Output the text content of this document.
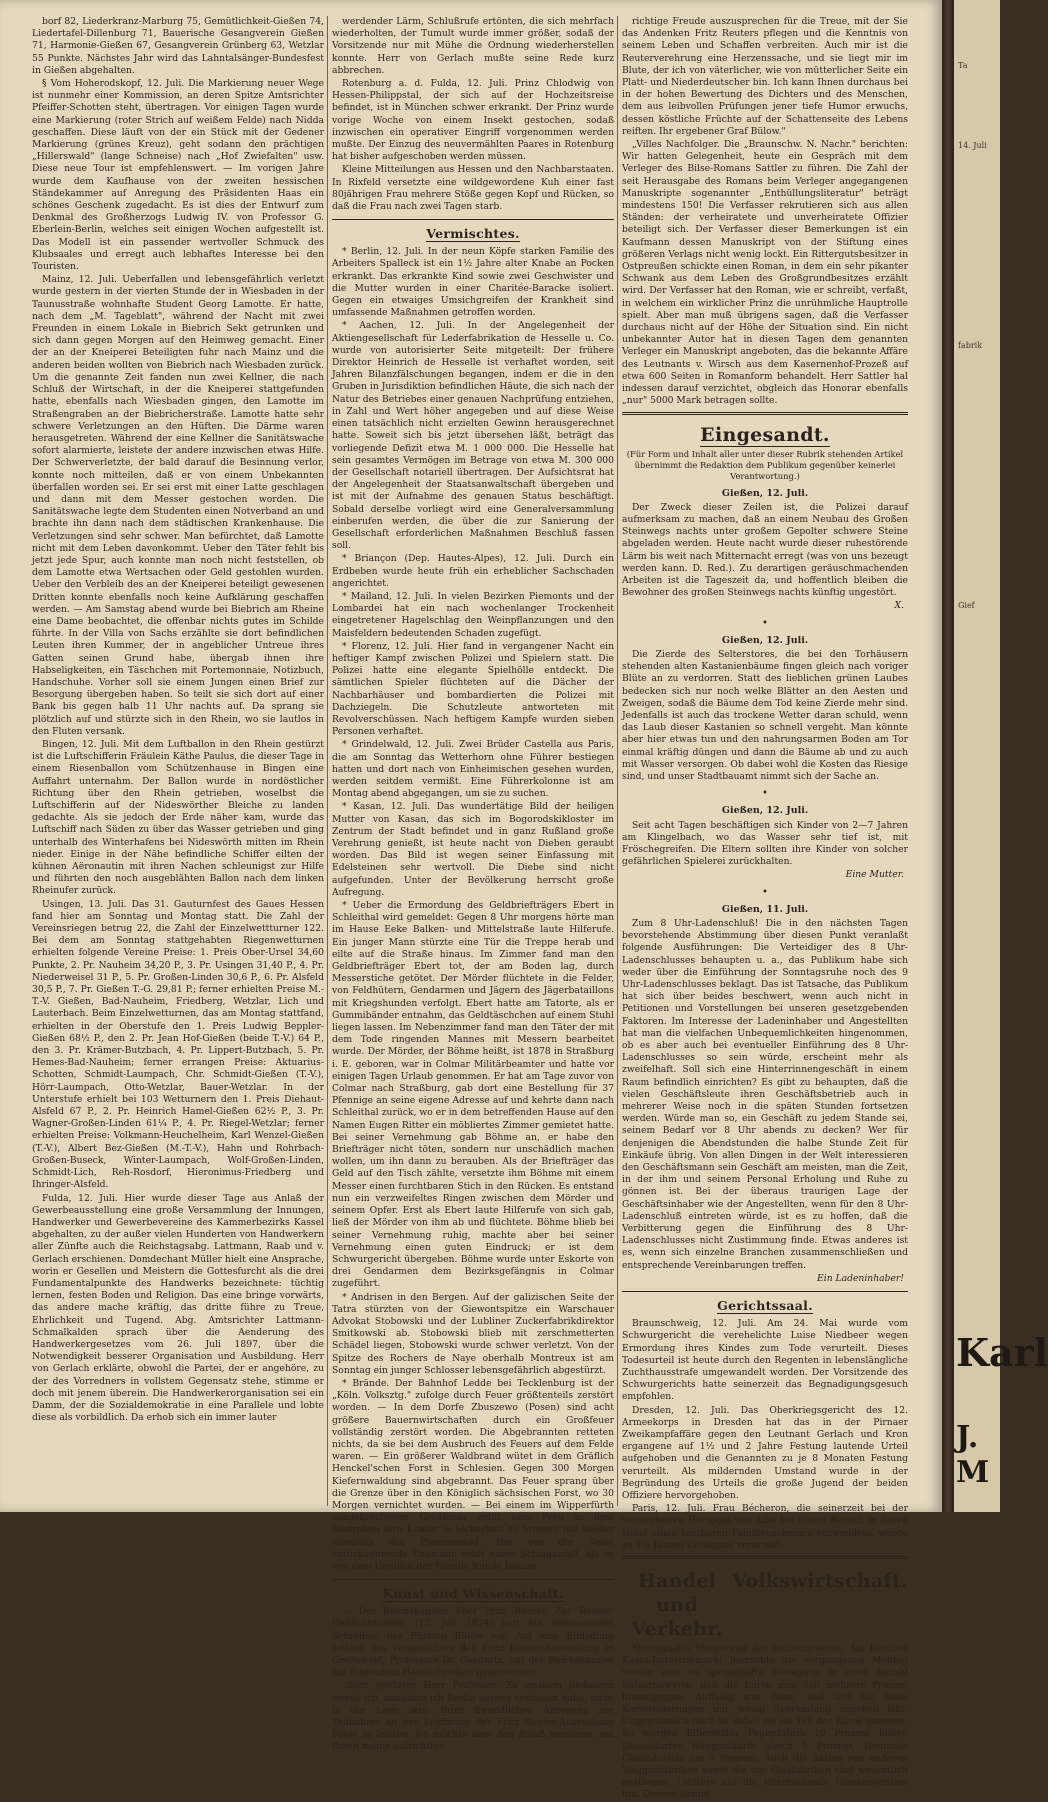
borf 82, Liederkranz-Marburg 75, Gemütlichkeit-Gießen 74, Liedertafel-Dillenburg 71, Bauerische Gesangverein Gießen 71, Harmonie-Gießen 67, Gesangverein Grünberg 63, Wetzlar 55 Punkte. Nächstes Jahr wird das Lahntalsänger-Bundesfest in Gießen abgehalten.

§ Vom Hoherodskopf, 12. Juli. Die Markierung neuer Wege ist nunmehr einer Kommission, an deren Spitze Amtsrichter Pfeiffer-Schotten steht, übertragen. Vor einigen Tagen wurde eine Markierung (roter Strich auf weißem Felde) nach Nidda geschaffen. Diese läuft von der ein Stück mit der Gedener Markierung (grünes Kreuz), geht sodann den prächtigen „Hillerswald" (lange Schneise) nach „Hof Zwiefalten" usw. Diese neue Tour ist empfehlenswert. — Im vorigen Jahre wurde dem Kaufhause von der zweiten hessischen Ständekammer auf Anregung des Präsidenten Haas ein schönes Geschenk zugedacht. Es ist dies der Entwurf zum Denkmal des Großherzogs Ludwig IV. von Professor G. Eberlein-Berlin, welches seit einigen Wochen aufgestellt ist. Das Modell ist ein passender wertvoller Schmuck des Klubsaales und erregt auch lebhaftes Interesse bei den Touristen.

Mainz, 12. Juli. Ueberfallen und lebensgefährlich verletzt wurde gestern in der vierten Stunde der in Wiesbaden in der Taunusstraße wohnhafte Student Georg Lamotte. Er hatte, nach dem „M. Tageblatt", während der Nacht mit zwei Freunden in einem Lokale in Biebrich Sekt getrunken und sich dann gegen Morgen auf den Heimweg gemacht. Einer der an der Kneiperei Beteiligten fuhr nach Mainz und die anderen beiden wollten von Biebrich nach Wiesbaden zurück. Um die genannte Zeit fanden nun zwei Kellner, die nach Schluß der Wirtschaft, in der die Kneiperei stattgefunden hatte, ebenfalls nach Wiesbaden gingen, den Lamotte im Straßengraben an der Biebricherstraße. Lamotte hatte sehr schwere Verletzungen an den Hüften. Die Därme waren herausgetreten. Während der eine Kellner die Sanitätswache sofort alarmierte, leistete der andere inzwischen etwas Hilfe. Der Schwerverletzte, der bald darauf die Besinnung verlor, konnte noch mitteilen, daß er von einem Unbekannten überfallen worden sei. Er sei erst mit einer Latte geschlagen und dann mit dem Messer gestochen worden. Die Sanitätswache legte dem Studenten einen Notverband an und brachte ihn dann nach dem städtischen Krankenhause. Die Verletzungen sind sehr schwer. Man befürchtet, daß Lamotte nicht mit dem Leben davonkommt. Ueber den Täter fehlt bis jetzt jede Spur, auch konnte man noch nicht feststellen, ob dem Lamotte etwa Wertsachen oder Geld gestohlen wurden. Ueber den Verbleib des an der Kneiperei beteiligt gewesenen Dritten konnte ebenfalls noch keine Aufklärung geschaffen werden. — Am Samstag abend wurde bei Biebrich am Rheine eine Dame beobachtet, die offenbar nichts gutes im Schilde führte. In der Villa von Sachs erzählte sie dort befindlichen Leuten ihren Kummer, der in angeblicher Untreue ihres Gatten seinen Grund habe, übergab ihnen ihre Habseligkeiten, ein Täschchen mit Portemonnaie, Notizbuch, Handschuhe. Vorher soll sie einem Jungen einen Brief zur Besorgung übergeben haben. So teilt sie sich dort auf einer Bank bis gegen halb 11 Uhr nachts auf. Da sprang sie plötzlich auf und stürzte sich in den Rhein, wo sie lautlos in den Fluten versank.

Bingen, 12. Juli. Mit dem Luftballon in den Rhein gestürzt ist die Luftschifferin Fräulein Käthe Paulus, die dieser Tage in einem Riesenballon vom Schützenhause in Bingen eine Auffahrt unternahm. Der Ballon wurde in nordöstlicher Richtung über den Rhein getrieben, woselbst die Luftschifferin auf der Nideswörther Bleiche zu landen gedachte. Als sie jedoch der Erde näher kam, wurde das Luftschiff nach Süden zu über das Wasser getrieben und ging unterhalb des Winterhafens bei Nideswörth mitten im Rhein nieder. Einige in der Nähe befindliche Schiffer eilten der kühnen Aëronautin mit ihren Nachen schleunigst zur Hilfe und führten den noch ausgeblähten Ballon nach dem linken Rheinufer zurück.

Usingen, 13. Juli. Das 31. Gauturnfest des Gaues Hessen fand hier am Sonntag und Montag statt. Die Zahl der Vereinsriegen betrug 22, die Zahl der Einzelwettturner 122. Bei dem am Sonntag stattgehabten Riegenwetturnen erhielten folgende Vereine Preise: 1. Preis Ober-Ursel 34,60 Punkte, 2. Pr. Nauheim 34,20 P., 3. Pr. Usingen 31,40 P., 4. Pr. Niederweisel 31 P., 5. Pr. Großen-Linden 30,6 P., 6. Pr. Alsfeld 30,5 P., 7. Pr. Gießen T.-G. 29,81 P.; ferner erhielten Preise M.-T.-V. Gießen, Bad-Nauheim, Friedberg, Wetzlar, Lich und Lauterbach. Beim Einzelwetturnen, das am Montag stattfand, erhielten in der Oberstufe den 1. Preis Ludwig Beppler-Gießen 68½ P., den 2. Pr. Jean Hof-Gießen (beide T.-V.) 64 P., den 3. Pr. Krämer-Butzbach, 4. Pr. Lippert-Butzbach, 5. Pr. Hemes-Bad-Nauheim; ferner errangen Preise: Aktuarius-Schotten, Schmidt-Laumpach, Chr. Schmidt-Gießen (T.-V.), Hörr-Laumpach, Otto-Wetzlar, Bauer-Wetzlar. In der Unterstufe erhielt bei 103 Wetturnern den 1. Preis Diehaut-Alsfeld 67 P., 2. Pr. Heinrich Hamel-Gießen 62½ P., 3. Pr. Wagner-Großen-Linden 61¼ P., 4. Pr. Riegel-Wetzlar; ferner erhielten Preise: Volkmann-Heuchelheim, Karl Wenzel-Gießen (T.-V.), Albert Bez-Gießen (M.-T.-V.), Hahn und Rohrbach-Großen-Buseck, Winter-Laumpach, Wolf-Großen-Linden, Schmidt-Lich, Reh-Rosdorf, Hieronimus-Friedberg und Ihringer-Alsfeld.

Fulda, 12. Juli. Hier wurde dieser Tage aus Anlaß der Gewerbeausstellung eine große Versammlung der Innungen, Handwerker und Gewerbevereine des Kammerbezirks Kassel abgehalten, zu der außer vielen Hunderten von Handwerkern aller Zünfte auch die Reichstagsabg. Lattmann, Raab und v. Gerlach erschienen. Domdechant Müller hielt eine Ansprache, worin er Gesellen und Meistern die Gottesfurcht als die drei Fundamentalpunkte des Handwerks bezeichnete: tüchtig lernen, festen Boden und Religion. Das eine bringe vorwärts, das andere mache kräftig, das dritte führe zu Treue, Ehrlichkeit und Tugend. Abg. Amtsrichter Lattmann-Schmalkalden sprach über die Aenderung des Handwerkergesetzes vom 26. Juli 1897, über die Notwendigkeit besserer Organisation und Ausbildung. Herr von Gerlach erklärte, obwohl die Partei, der er angehöre, zu der des Vorredners in vollstem Gegensatz stehe, stimme er doch mit jenem überein. Die Handwerkerorganisation sei ein Damm, der die Sozialdemokratie in eine Parallele und lobte diese als vorbildlich. Da erhob sich ein immer lauter

werdender Lärm, Schlußrufe ertönten, die sich mehrfach wiederholten, der Tumult wurde immer größer, sodaß der Vorsitzende nur mit Mühe die Ordnung wiederherstellen konnte. Herr von Gerlach mußte seine Rede kurz abbrechen.

Rotenburg a. d. Fulda, 12. Juli. Prinz Chlodwig von Hessen-Philippstal, der sich auf der Hochzeitsreise befindet, ist in München schwer erkrankt. Der Prinz wurde vorige Woche von einem Insekt gestochen, sodaß inzwischen ein operativer Eingriff vorgenommen werden mußte. Der Einzug des neuvermählten Paares in Rotenburg hat bisher aufgeschoben werden müssen.

Kleine Mitteilungen aus Hessen und den Nachbarstaaten. In Rixfeld versetzte eine wildgewordene Kuh einer fast 80jährigen Frau mehrere Stöße gegen Kopf und Rücken, so daß die Frau nach zwei Tagen starb.

Vermischtes.

* Berlin, 12. Juli. In der neun Köpfe starken Familie des Arbeiters Spalleck ist ein 1½ Jahre alter Knabe an Pocken erkrankt. Das erkrankte Kind sowie zwei Geschwister und die Mutter wurden in einer Charitée-Baracke isoliert. Gegen ein etwaiges Umsichgreifen der Krankheit sind umfassende Maßnahmen getroffen worden.

* Aachen, 12. Juli. In der Angelegenheit der Aktiengesellschaft für Lederfabrikation de Hesselle u. Co. wurde von autorisierter Seite mitgeteilt: Der frühere Direktor Heinrich de Hesselle ist verhaftet worden, seit Jahren Bilanzfälschungen begangen, indem er die in den Gruben in Jurisdiktion befindlichen Häute, die sich nach der Natur des Betriebes einer genauen Nachprüfung entziehen, in Zahl und Wert höher angegeben und auf diese Weise einen tatsächlich nicht erzielten Gewinn herausgerechnet hatte. Soweit sich bis jetzt übersehen läßt, beträgt das vorliegende Defizit etwa M. 1 000 000. Die Hesselle hat sein gesamtes Vermögen im Betrage von etwa M. 300 000 der Gesellschaft notariell übertragen. Der Aufsichtsrat hat der Angelegenheit der Staatsanwaltschaft übergeben und ist mit der Aufnahme des genauen Status beschäftigt. Sobald derselbe vorliegt wird eine Generalversammlung einberufen werden, die über die zur Sanierung der Gesellschaft erforderlichen Maßnahmen Beschluß fassen soll.

* Briançon (Dep. Hautes-Alpes), 12. Juli. Durch ein Erdbeben wurde heute früh ein erheblicher Sachschaden angerichtet.

* Mailand, 12. Juli. In vielen Bezirken Piemonts und der Lombardei hat ein nach wochenlanger Trockenheit eingetretener Hagelschlag den Weinpflanzungen und den Maisfeldern bedeutenden Schaden zugefügt.

* Florenz, 12. Juli. Hier fand in vergangener Nacht ein heftiger Kampf zwischen Polizei und Spielern statt. Die Polizei hatte eine elegante Spielhölle entdeckt. Die sämtlichen Spieler flüchteten auf die Dächer der Nachbarhäuser und bombardierten die Polizei mit Dachziegeln. Die Schutzleute antworteten mit Revolverschüssen. Nach heftigem Kampfe wurden sieben Personen verhaftet.

* Grindelwald, 12. Juli. Zwei Brüder Castella aus Paris, die am Sonntag das Wetterhorn ohne Führer bestiegen hatten und dort nach von Einheimischen gesehen wurden, werden seitdem vermißt. Eine Führerkolonne ist am Montag abend abgegangen, um sie zu suchen.

* Kasan, 12. Juli. Das wundertätige Bild der heiligen Mutter von Kasan, das sich im Bogorodskikloster im Zentrum der Stadt befindet und in ganz Rußland große Verehrung genießt, ist heute nacht von Dieben geraubt worden. Das Bild ist wegen seiner Einfassung mit Edelsteinen sehr wertvoll. Die Diebe sind nicht aufgefunden. Unter der Bevölkerung herrscht große Aufregung.

* Ueber die Ermordung des Geldbriefträgers Ebert in Schleithal wird gemeldet: Gegen 8 Uhr morgens hörte man im Hause Eeke Balken- und Mittelstraße laute Hilferufe. Ein junger Mann stürzte eine Tür die Treppe herab und eilte auf die Straße hinaus. Im Zimmer fand man den Geldbriefträger Ebert tot, der am Boden lag, durch Messerstiche getötet. Der Mörder flüchtete in die Felder, von Feldhütern, Gendarmen und Jägern des Jägerbataillons mit Kriegshunden verfolgt. Ebert hatte am Tatorte, als er Gummibänder entnahm, das Geldtäschchen auf einem Stuhl liegen lassen. Im Nebenzimmer fand man den Täter der mit dem Tode ringenden Mannes mit Messern bearbeitet wurde. Der Mörder, der Böhme heißt, ist 1878 in Straßburg i. E. geboren, war in Colmar Militärbeamter und hatte vor einigen Tagen Urlaub genommen. Er hat am Tage zuvor von Colmar nach Straßburg, gab dort eine Bestellung für 37 Pfennige an seine eigene Adresse auf und kehrte dann nach Schleithal zurück, wo er in dem betreffenden Hause auf den Namen Eugen Ritter ein möbliertes Zimmer gemietet hatte. Bei seiner Vernehmung gab Böhme an, er habe den Briefträger nicht töten, sondern nur unschädlich machen wollen, um ihn dann zu berauben. Als der Briefträger das Geld auf den Tisch zählte, versetzte ihm Böhme mit einem Messer einen furchtbaren Stich in den Rücken. Es entstand nun ein verzweifeltes Ringen zwischen dem Mörder und seinem Opfer. Erst als Ebert laute Hilferufe von sich gab, ließ der Mörder von ihm ab und flüchtete. Böhme blieb bei seiner Vernehmung ruhig, machte aber bei seiner Vernehmung einen guten Eindruck; er ist dem Schwurgericht übergeben. Böhme wurde unter Eskorte von drei Gendarmen dem Bezirksgefängnis in Colmar zugeführt.

* Andrisen in den Bergen. Auf der galizischen Seite der Tatra stürzten von der Giewontspitze ein Warschauer Advokat Stobowski und der Lubliner Zuckerfabrikdirektor Smitkowski ab. Stobowski blieb mit zerschmetterten Schädel liegen, Stobowski wurde schwer verletzt. Von der Spitze des Rochers de Naye oberhalb Montreux ist am Sonntag ein junger Schlosser lebensgefährlich abgestürzt.

* Brände. Der Bahnhof Ledde bei Tecklenburg ist der „Köln. Volksztg." zufolge durch Feuer größtenteils zerstört worden. — In dem Dorfe Zbuszewo (Posen) sind acht größere Bauernwirtschaften durch ein Großfeuer vollständig zerstört worden. Die Abgebrannten retteten nichts, da sie bei dem Ausbruch des Feuers auf dem Felde waren. — Ein größerer Waldbrand wütet in dem Gräflich Henckel'schen Forst in Schlesien. Gegen 300 Morgen Kiefernwaldung sind abgebrannt. Das Feuer sprang über die Grenze über in den Königlich sächsischen Forst, wo 30 Morgen vernichtet wurden. — Bei einem im Wipperfürth ausgebrochenen Großfeuer erlitt eine Frau in dem Bestreben ihre Kinder in Sicherheit zu bringen mit beiden ebenfalls den Flammentod. Der von der Reise zurückkehrende Ehemann erlitt einen Schlaganfall, als er von dem Unglück der Familie Kunde bekam.

Kunst und Wissenschaft.

— Der Reichskanzler über Fritz Reuter. Zur Reuter-Gedächtnisfeier (12. Juli 1874) legt ein interessantes Schreiben des Fürsten Bülow vor. Auf eine Einladung seitens des Veranstalters der Fritz Reuter-Ausstellung in Greifswald, Professors Dr. Gaedertz, hat der Reichskanzler mit folgendem Handschreiben geantwortet:

„Sehr geehrter Herr Professor. Zu meinem Bedauern werde ich, nachdem ich Berlin bereits verlassen habe, nicht in der Lage sein, Ihrer freundlichen Anregung zur Teilnahme an der Eröffnung der Fritz Reuter-Ausstellung Folge zu leisten. Ich möchte aber den Anlaß benutzen, um Ihnen meine aufrichtige

richtige Freude auszusprechen für die Treue, mit der Sie das Andenken Fritz Reuters pflegen und die Kenntnis von seinem Leben und Schaffen verbreiten. Auch mir ist die Reuterverehrung eine Herzenssache, und sie liegt mir im Blute, der ich von väterlicher, wie von mütterlicher Seite ein Platt- und Niederdeutscher bin. Ich kann Ihnen durchaus bei in der hohen Bewertung des Dichters und des Menschen, dem aus leibvollen Prüfungen jener tiefe Humor erwuchs, dessen köstliche Früchte auf der Schattenseite des Lebens reiften. Ihr ergebener Graf Bülow."

„Villes Nachfolger. Die „Braunschw. N. Nachr." berichten: Wir hatten Gelegenheit, heute ein Gespräch mit dem Verleger des Bilse-Romans Sattler zu führen. Die Zahl der seit Herausgabe des Romans beim Verleger angegangenen Manuskripte sogenannter „Enthüllungsliteratur" beträgt mindestens 150! Die Verfasser rekrutieren sich aus allen Ständen: der verheiratete und unverheiratete Offizier beteiligt sich. Der Verfasser dieser Bemerkungen ist ein Kaufmann dessen Manuskript von der Stiftung eines größeren Verlags nicht wenig lockt. Ein Rittergutsbesitzer in Ostpreußen schickte einen Roman, in dem ein sehr pikanter Schwank aus dem Leben des Großgrundbesitzes erzählt wird. Der Verfasser hat den Roman, wie er schreibt, verfaßt, in welchem ein wirklicher Prinz die unrühmliche Hauptrolle spielt. Aber man muß übrigens sagen, daß die Verfasser durchaus nicht auf der Höhe der Situation sind. Ein nicht unbekannter Autor hat in diesen Tagen dem genannten Verleger ein Manuskript angeboten, das die bekannte Affäre des Leutnants v. Wirsch aus dem Kasernenhof-Prozeß auf etwa 600 Seiten in Romanform behandelt. Herr Sattler hal indessen darauf verzichtet, obgleich das Honorar ebenfalls „nur" 5000 Mark betragen sollte.

Eingesandt.
(Für Form und Inhalt aller unter dieser Rubrik stehenden Artikel übernimmt die Redaktion dem Publikum gegenüber keinerlei Verantwortung.)
Gießen, 12. Juli.

Der Zweck dieser Zeilen ist, die Polizei darauf aufmerksam zu machen, daß an einem Neubau des Großen Steinwegs nachts unter großem Gepolter schwere Steine abgeladen werden. Heute nacht wurde dieser ruhestörende Lärm bis weit nach Mitternacht erregt (was von uns bezeugt werden kann. D. Red.). Zu derartigen geräuschmachenden Arbeiten ist die Tageszeit da, und hoffentlich bleiben die Bewohner des großen Steinwegs nachts künftig ungestört.

X.
•
Gießen, 12. Juli.

Die Zierde des Selterstores, die bei den Torhäusern stehenden alten Kastanienbäume fingen gleich nach voriger Blüte an zu verdorren. Statt des lieblichen grünen Laubes bedecken sich nur noch welke Blätter an den Aesten und Zweigen, sodaß die Bäume dem Tod keine Zierde mehr sind. Jedenfalls ist auch das trockene Wetter daran schuld, wenn das Laub dieser Kastanien so schnell vergeht. Man könnte aber hier etwas tun und den nahrungsarmen Boden am Tor einmal kräftig düngen und dann die Bäume ab und zu auch mit Wasser versorgen. Ob dabei wohl die Kosten das Riesige sind, und unser Stadtbauamt nimmt sich der Sache an.

•
Gießen, 12. Juli.

Seit acht Tagen beschäftigen sich Kinder von 2—7 Jahren am Klingelbach, wo das Wasser sehr tief ist, mit Fröschegreifen. Die Eltern sollten ihre Kinder von solcher gefährlichen Spielerei zurückhalten.

Eine Mutter.
•
Gießen, 11. Juli.

Zum 8 Uhr-Ladenschluß! Die in den nächsten Tagen bevorstehende Abstimmung über diesen Punkt veranlaßt folgende Ausführungen: Die Verteidiger des 8 Uhr-Ladenschlusses behaupten u. a., das Publikum habe sich weder über die Einführung der Sonntagsruhe noch des 9 Uhr-Ladenschlusses beklagt. Das ist Tatsache, das Publikum hat sich über beides beschwert, wenn auch nicht in Petitionen und Vorstellungen bei unseren gesetzgebenden Faktoren. Im Interesse der Ladeninhaber und Angestellten hat man die vielfachen Unbequemlichkeiten hingenommen, ob es aber auch bei eventueller Einführung des 8 Uhr-Ladenschlusses so sein würde, erscheint mehr als zweifelhaft. Soll sich eine Hinterrinnengeschäft in einem Raum befindlich einrichten? Es gibt zu behaupten, daß die vielen Geschäftsleute ihren Geschäftsbetrieb auch in mehrerer Weise noch in die späten Stunden fortsetzen werden. Würde man so, ein Geschäft zu jedem Stande sei, seinem Bedarf vor 8 Uhr abends zu decken? Wer für denjenigen die Abendstunden die halbe Stunde Zeit für Einkäufe übrig. Von allen Dingen in der Welt interessieren den Geschäftsmann sein Geschäft am meisten, man die Zeit, in der ihm und seinem Personal Erholung und Ruhe zu gönnen ist. Bei der überaus traurigen Lage der Geschäftsinhaber wie der Angestellten, wenn für den 8 Uhr-Ladenschluß eintreten würde, ist es zu hoffen, daß die Verbitterung gegen die Einführung des 8 Uhr-Ladenschlusses nicht Zustimmung finde. Etwas anderes ist es, wenn sich einzelne Branchen zusammenschließen und entsprechende Vereinbarungen treffen.

Ein Ladeninhaber!
Gerichtssaal.

Braunschweig, 12. Juli. Am 24. Mai wurde vom Schwurgericht die verehelichte Luise Niedbeer wegen Ermordung ihres Kindes zum Tode verurteilt. Dieses Todesurteil ist heute durch den Regenten in lebenslängliche Zuchthausstrafe umgewandelt worden. Der Vorsitzende des Schwurgerichts hatte seinerzeit das Begnadigungsgesuch empfohlen.

Dresden, 12. Juli. Das Oberkriegsgericht des 12. Armeekorps in Dresden hat das in der Pirnaer Zweikampfaffäre gegen den Leutnant Gerlach und Kron ergangene auf 1½ und 2 Jahre Festung lautende Urteil aufgehoben und die Genannten zu je 8 Monaten Festung verurteilt. Als mildernden Umstand wurde in der Begründung des Urteils die große Jugend der beiden Offiziere hervorgehoben.

Paris, 12. Juli. Frau Bécheron, die seinerzeit bei der verstorbenen Herzogin von Alba bei einem Besuch in deren Hotel einen kostbaren Familienschmuck entwendete, wurde zu 1½ Jahren Gefängnis verurteilt.

Handel und Verkehr.
Volkswirtschaft.

Sprunghafte Steigerung der Industriewerte. Am Berliner Kassa-Industriemarkt herrschte am vergangenen Montag wieder eine so sprunghafte Bewegung in einer Anzahl Industriewerte, daß die Kurse zum Teil mehrere Prozent hinaufgingen. Auffällig war dabei, daß sich für diese Kurssteigerungen nur wenig Begründung angeben läßt. Ungewöhnlich hoch ist dabei sei ein Teil der Kurse gezogen. So wurden Elberfelder Papierfabrik 10 Prozent höher, Düsseldorfer Waggonfabrik gleich 5 Prozent, Deutsche Glasindustrie um 4 Prozent. Auch die Aktien von anderen Waggonfabriken sowie die von Glasfabriken sind wesentlich gestiegen. Letztere auf die internationale Glaskonvention hin. Diesem Grund

Ta
14. Juli
fabrik
Gief
Karl
J. M
